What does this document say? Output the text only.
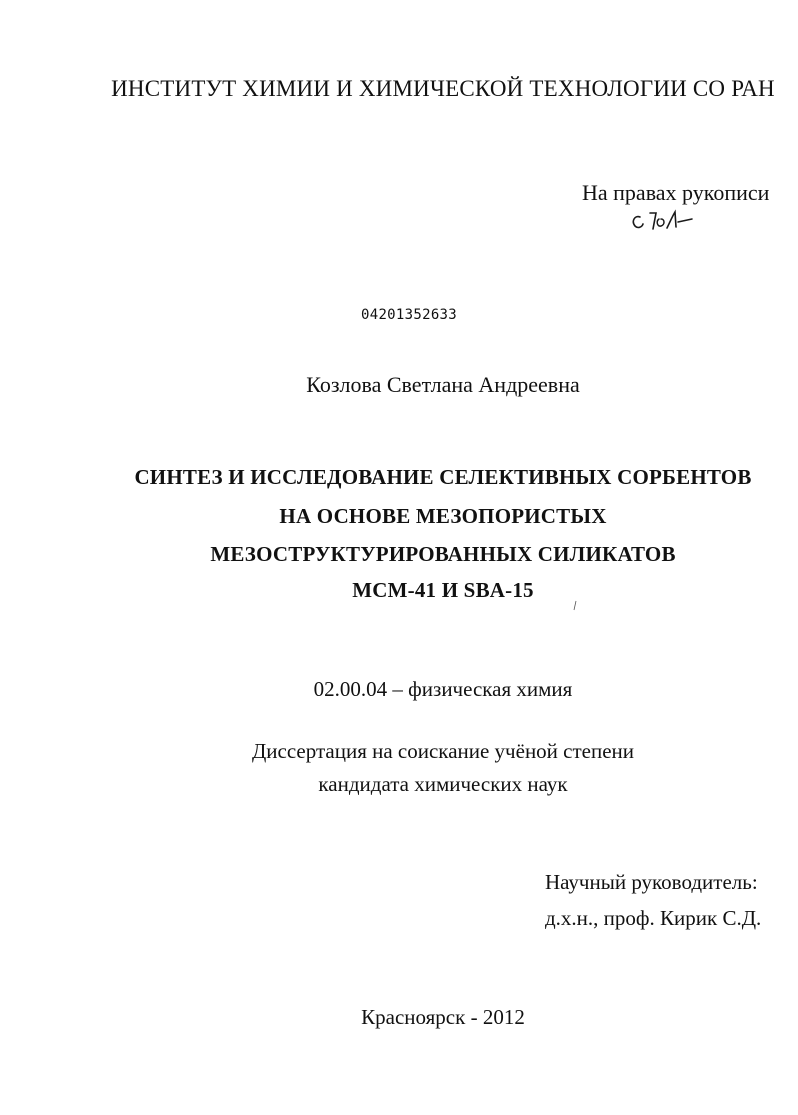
ИНСТИТУТ ХИМИИ И ХИМИЧЕСКОЙ ТЕХНОЛОГИИ СО РАН
На правах рукописи
04201352633
Козлова Светлана Андреевна
СИНТЕЗ И ИССЛЕДОВАНИЕ СЕЛЕКТИВНЫХ СОРБЕНТОВ
НА ОСНОВЕ МЕЗОПОРИСТЫХ
МЕЗОСТРУКТУРИРОВАННЫХ СИЛИКАТОВ
МСМ-41 И SBA-15
02.00.04 – физическая химия
Диссертация на соискание учёной степени
кандидата химических наук
Научный руководитель:
д.х.н., проф. Кирик С.Д.
Красноярск - 2012
